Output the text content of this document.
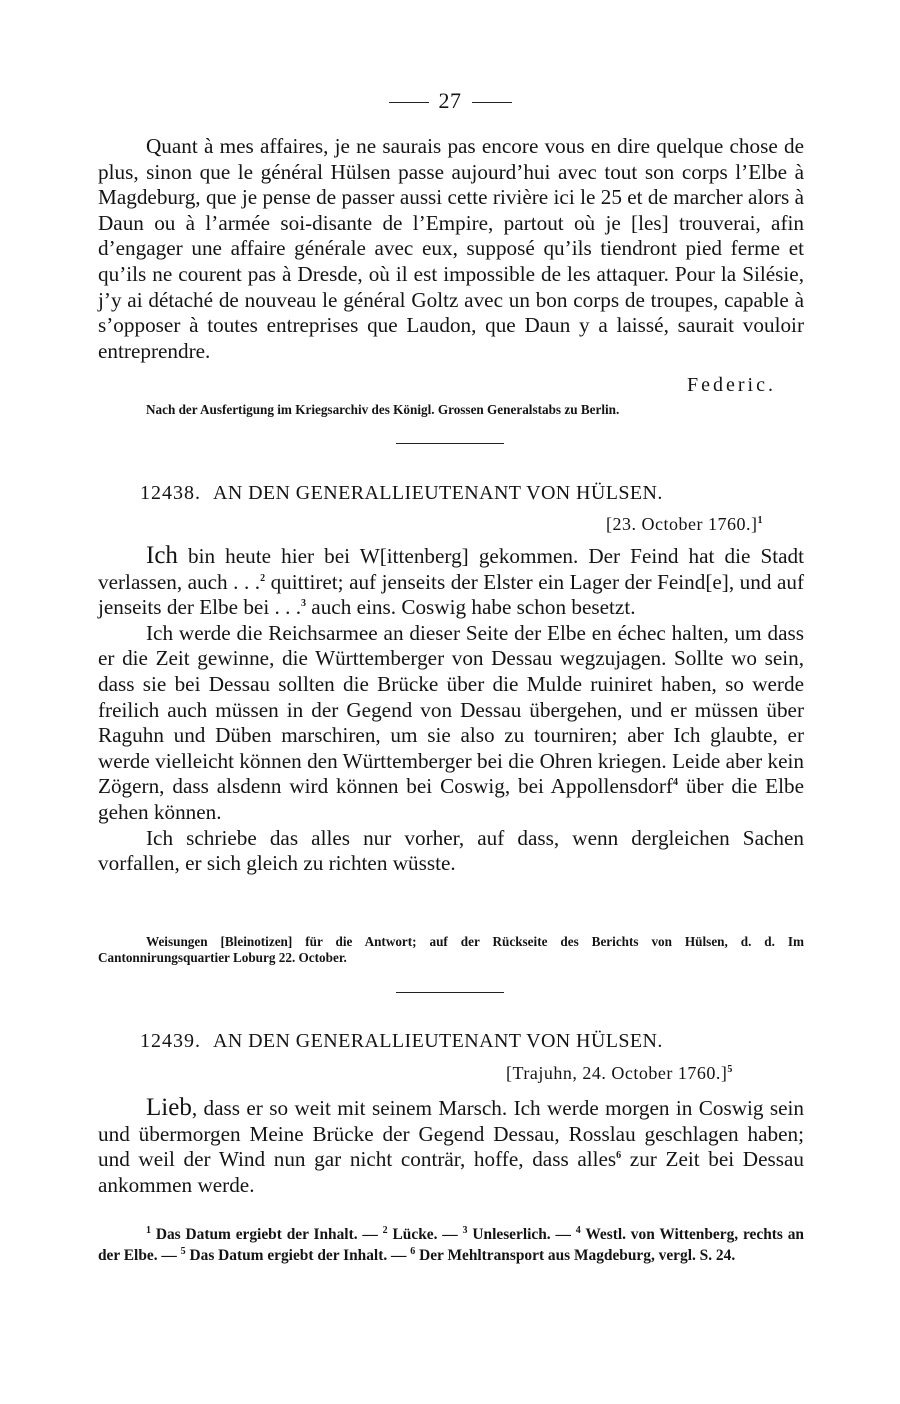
27

Quant à mes affaires, je ne saurais pas encore vous en dire quelque chose de plus, sinon que le général Hülsen passe aujourd’hui avec tout son corps l’Elbe à Magdeburg, que je pense de passer aussi cette rivière ici le 25 et de marcher alors à Daun ou à l’armée soi-disante de l’Empire, partout où je [les] trouverai, afin d’engager une affaire générale avec eux, supposé qu’ils tiendront pied ferme et qu’ils ne courent pas à Dresde, où il est impossible de les attaquer. Pour la Silésie, j’y ai détaché de nouveau le général Goltz avec un bon corps de troupes, capable à s’opposer à toutes entreprises que Laudon, que Daun y a laissé, saurait vouloir entreprendre.

Federic.

Nach der Ausfertigung im Kriegsarchiv des Königl. Grossen Generalstabs zu Berlin.

12438. AN DEN GENERALLIEUTENANT VON HÜLSEN.
[23. October 1760.]$^1$

Ich bin heute hier bei W[ittenberg] gekommen. Der Feind hat die Stadt verlassen, auch . . .$^2$ quittiret; auf jenseits der Elster ein Lager der Feind[e], und auf jenseits der Elbe bei . . .$^3$ auch eins. Coswig habe schon besetzt.

Ich werde die Reichsarmee an dieser Seite der Elbe en échec halten, um dass er die Zeit gewinne, die Württemberger von Dessau wegzujagen. Sollte wo sein, dass sie bei Dessau sollten die Brücke über die Mulde ruiniret haben, so werde freilich auch müssen in der Gegend von Dessau übergehen, und er müssen über Raguhn und Düben marschiren, um sie also zu tourniren; aber Ich glaubte, er werde vielleicht können den Württemberger bei die Ohren kriegen. Leide aber kein Zögern, dass alsdenn wird können bei Coswig, bei Appollensdorf$^4$ über die Elbe gehen können.

Ich schriebe das alles nur vorher, auf dass, wenn dergleichen Sachen vorfallen, er sich gleich zu richten wüsste.

Weisungen [Bleinotizen] für die Antwort; auf der Rückseite des Berichts von Hülsen, d. d. Im Cantonnirungsquartier Loburg 22. October.

12439. AN DEN GENERALLIEUTENANT VON HÜLSEN.
[Trajuhn, 24. October 1760.]$^5$

Lieb, dass er so weit mit seinem Marsch. Ich werde morgen in Coswig sein und übermorgen Meine Brücke der Gegend Dessau, Rosslau geschlagen haben; und weil der Wind nun gar nicht conträr, hoffe, dass alles$^6$ zur Zeit bei Dessau ankommen werde.

$^1$ Das Datum ergiebt der Inhalt. — $^2$ Lücke. — $^3$ Unleserlich. — $^4$ Westl. von Wittenberg, rechts an der Elbe. — $^5$ Das Datum ergiebt der Inhalt. — $^6$ Der Mehltransport aus Magdeburg, vergl. S. 24.
